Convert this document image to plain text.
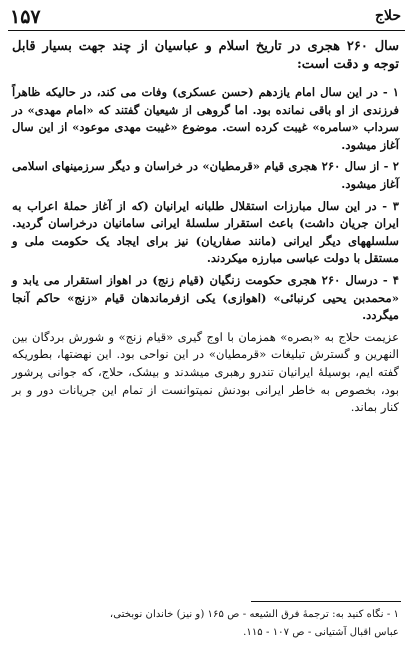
۱۵۷	حلاج

سال ۲۶۰ هجری در تاریخ اسلام و عباسیان از چند جهت بسیار قابل توجه و دقت است:

۱ - در این سال امام یازدهم (حسن عسکری) وفات می کند، در حالیکه ظاهراً فرزندی از او باقی نمانده بود. اما گروهی از شیعیان گفتند که «امام مهدی» در سرداب «سامره» غیبت کرده است. موضوع «غیبت مهدی موعود» از این سال آغاز میشود.

۲ - از سال ۲۶۰ هجری قیام «قرمطیان» در خراسان و دیگر سرزمینهای اسلامی آغاز میشود.

۳ - در این سال مبارزات استقلال طلبانه ایرانیان (که از آغاز حملهٔ اعراب به ایران جریان داشت) باعث استقرار سلسلهٔ ایرانی سامانیان درخراسان گردید. سلسلههای دیگر ایرانی (مانند صفاریان) نیز برای ایجاد یک حکومت ملی و مستقل با دولت عباسی مبارزه میکردند.

۴ - درسال ۲۶۰ هجری حکومت زنگیان (قیام زنج) در اهواز استقرار می یابد و «محمدبن یحیی کرنبائی» (اهوازی) یکی ازفرماندهان قیام «زنج» حاکم آنجا میگردد.

عزیمت حلاج به «بصره» همزمان با اوج گیری «قیام زنج» و شورش بردگان بین النهرین و گسترش تبلیغات «قرمطیان» در این نواحی بود. این نهضتها، بطوریکه گفته ایم، بوسیلهٔ ایرانیان تندرو رهبری میشدند و بیشک، حلاج، که جوانی پرشور بود، بخصوص به خاطر ایرانی بودنش نمیتوانست از تمام این جریانات دور و بر کنار بماند.

۱ - نگاه کنید به: ترجمهٔ فرق الشیعه - ص ۱۶۵ (و نیز) خاندان نوبختی،
عباس اقبال آشتیانی - ص ۱۰۷ - ۱۱۵.
